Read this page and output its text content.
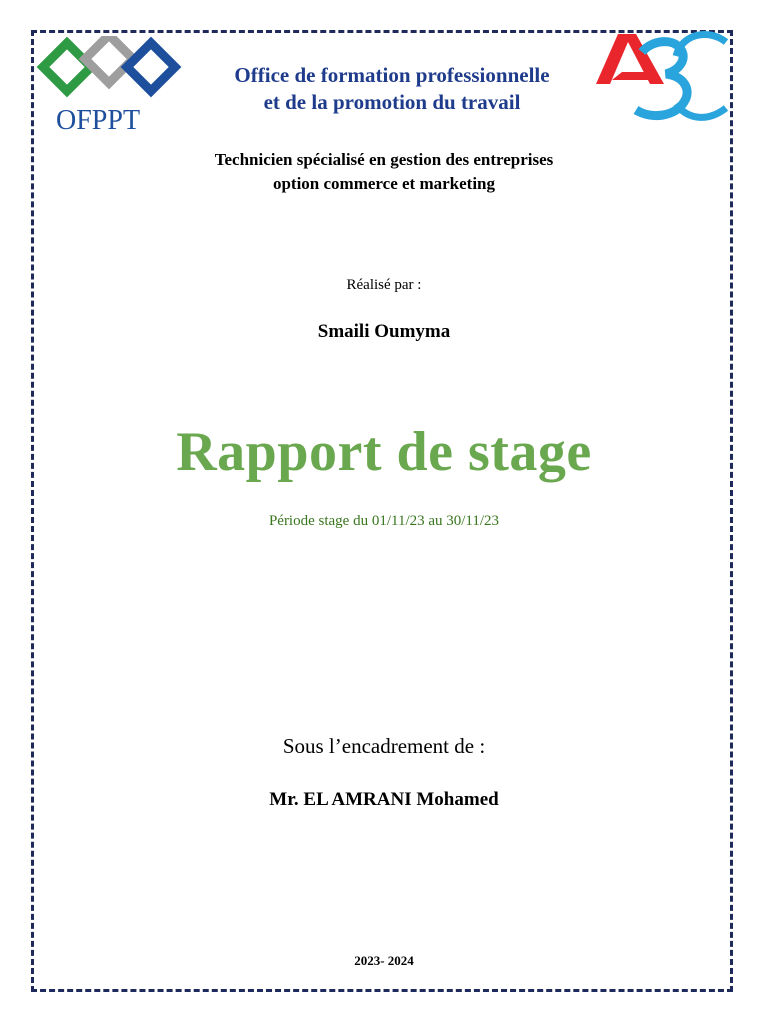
OFPPT
Office de formation professionnelle
et de la promotion du travail
Technicien spécialisé en gestion des entreprises
option commerce et marketing
Réalisé par :
Smaili Oumyma
Rapport de stage
Période stage du 01/11/23 au 30/11/23
Sous l’encadrement de :
Mr. EL AMRANI Mohamed
2023- 2024
